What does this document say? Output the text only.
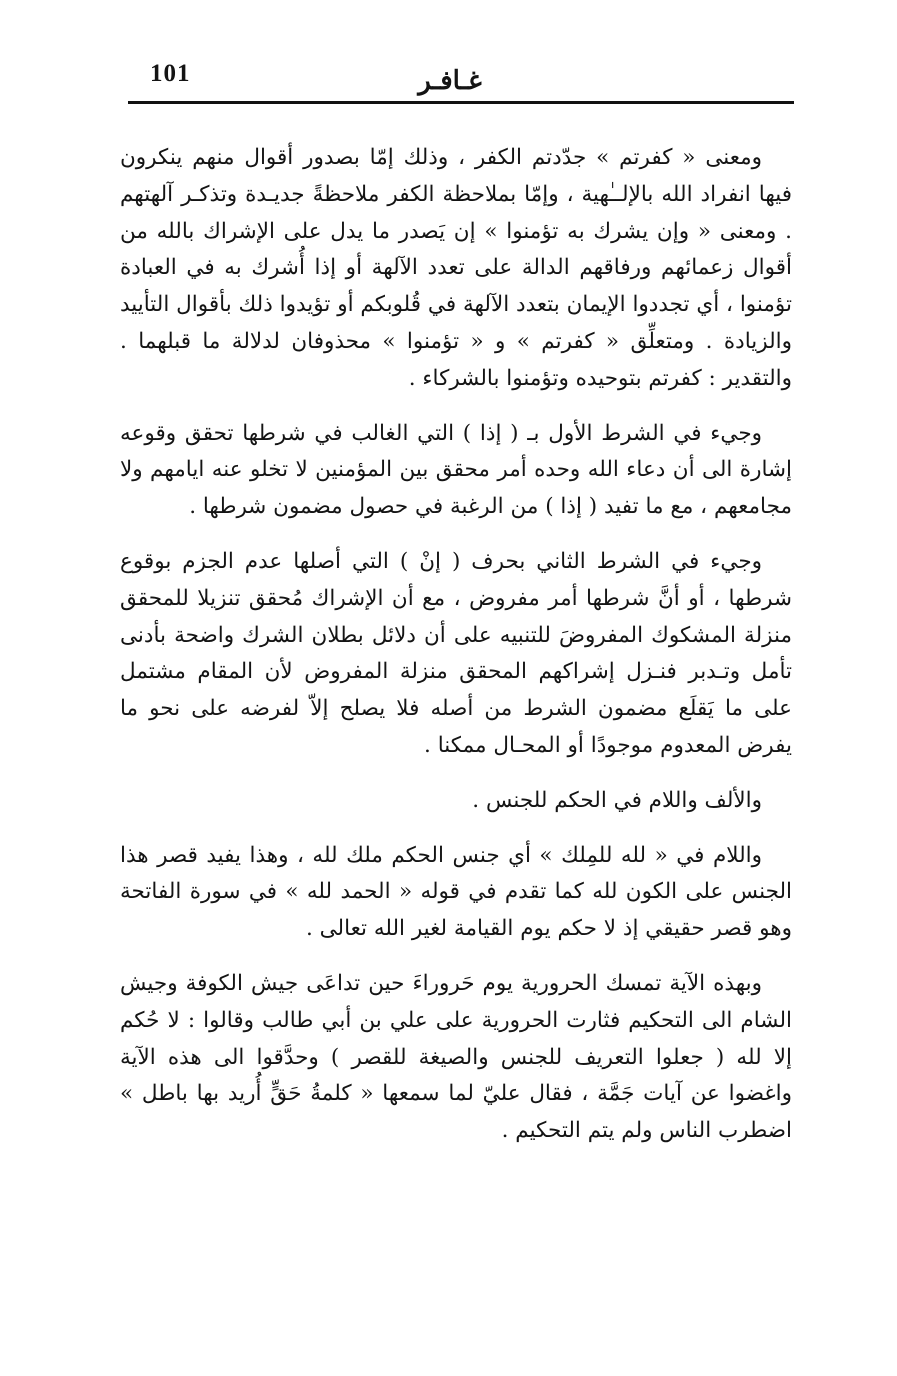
101	غـافـر

ومعنى « كفرتم » جدّدتم الكفر ، وذلك إمّا بصدور أقوال منهم ينكرون فيها انفراد الله بالإلــٰهية ، وإمّا بملاحظة الكفر ملاحظةً جديـدة وتذكـر آلهتهم . ومعنى « وإن يشرك به تؤمنوا » إن يَصدر ما يدل على الإشراك بالله من أقوال زعمائهم ورفاقهم الدالة على تعدد الآلهة أو إذا أُشرك به في العبادة تؤمنوا ، أي تجددوا الإيمان بتعدد الآلهة في قُلوبكم أو تؤيدوا ذلك بأقوال التأييد والزيادة . ومتعلِّق « كفرتم » و « تؤمنوا » محذوفان لدلالة ما قبلهما . والتقدير : كفرتم بتوحيده وتؤمنوا بالشركاء .

وجيء في الشرط الأول بـ ( إذا ) التي الغالب في شرطها تحقق وقوعه إشارة الى أن دعاء الله وحده أمر محقق بين المؤمنين لا تخلو عنه ايامهم ولا مجامعهم ، مع ما تفيد ( إذا ) من الرغبة في حصول مضمون شرطها .

وجيء في الشرط الثاني بحرف ( إنْ ) التي أصلها عدم الجزم بوقوع شرطها ، أو أنَّ شرطها أمر مفروض ، مع أن الإشراك مُحقق تنزيلا للمحقق منزلة المشكوك المفروضَ للتنبيه على أن دلائل بطلان الشرك واضحة بأدنى تأمل وتـدبر فنـزل إشراكهم المحقق منزلة المفروض لأن المقام مشتمل على ما يَقلَع مضمون الشرط من أصله فلا يصلح إلاّ لفرضه على نحو ما يفرض المعدوم موجودًا أو المحـال ممكنا .

والألف واللام في الحكم للجنس .

واللام في « لله للمِلك » أي جنس الحكم ملك لله ، وهذا يفيد قصر هذا الجنس على الكون لله كما تقدم في قوله « الحمد لله » في سورة الفاتحة وهو قصر حقيقي إذ لا حكم يوم القيامة لغير الله تعالى .

وبهذه الآية تمسك الحرورية يوم حَروراءَ حين تداعَى جيش الكوفة وجيش الشام الى التحكيم فثارت الحرورية على علي بن أبي طالب وقالوا : لا حُكم إلا لله ( جعلوا التعريف للجنس والصيغة للقصر ) وحدَّقوا الى هذه الآية واغضوا عن آيات جَمَّة ، فقال عليّ لما سمعها « كلمةُ حَقٍّ أُريد بها باطل » اضطرب الناس ولم يتم التحكيم .
